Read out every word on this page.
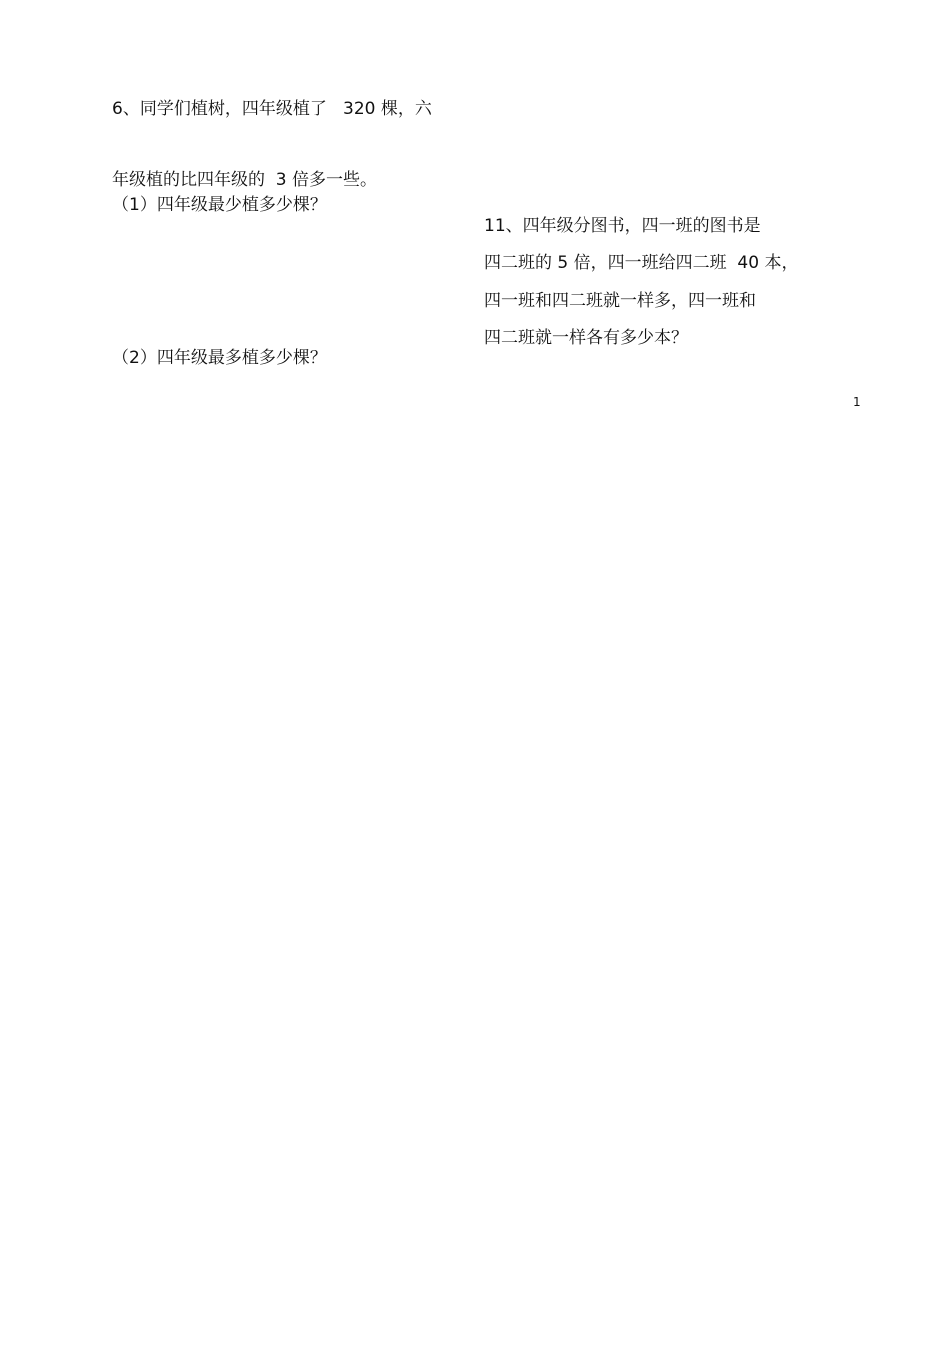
6、同学们植树，四年级植了   320 棵，六
年级植的比四年级的  3 倍多一些。
（1）四年级最少植多少棵？
（2）四年级最多植多少棵？
11、四年级分图书，四一班的图书是
四二班的 5 倍，四一班给四二班  40 本，
四一班和四二班就一样多，四一班和
四二班就一样各有多少本？
1
